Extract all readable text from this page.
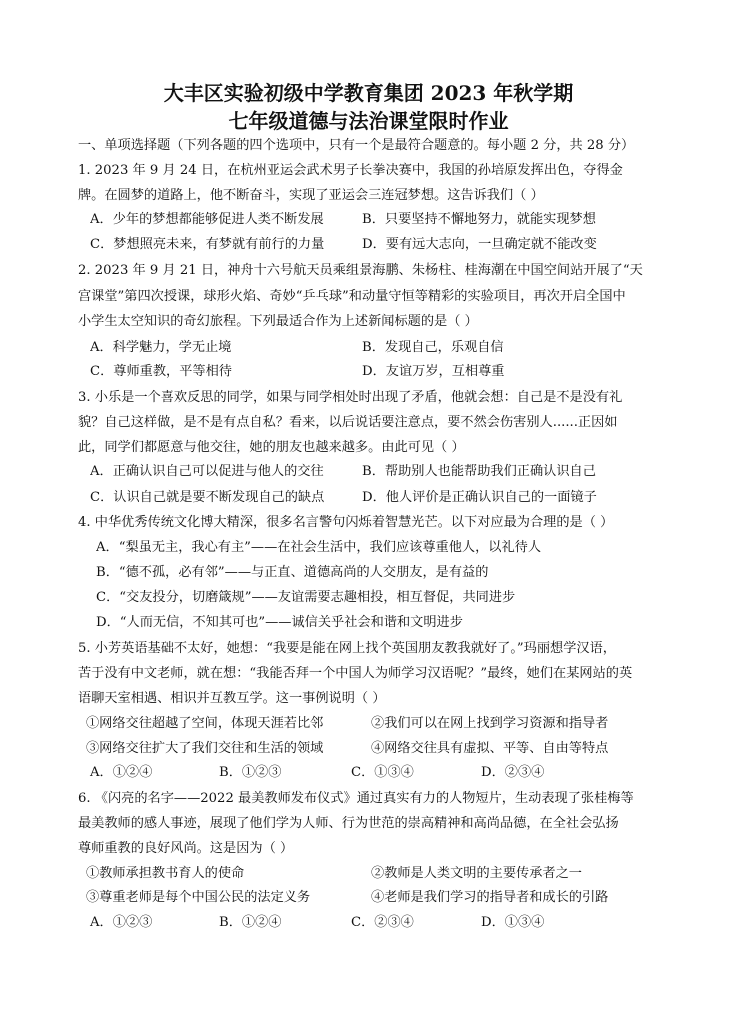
大丰区实验初级中学教育集团 2023 年秋学期
七年级道德与法治课堂限时作业
一、单项选择题（下列各题的四个选项中，只有一个是最符合题意的。每小题 2 分，共 28 分）
1. 2023 年 9 月 24 日，在杭州亚运会武术男子长拳决赛中，我国的孙培原发挥出色，夺得金
牌。在圆梦的道路上，他不断奋斗，实现了亚运会三连冠梦想。这告诉我们（ ）
A．少年的梦想都能够促进人类不断发展	B．只要坚持不懈地努力，就能实现梦想
C．梦想照亮未来，有梦就有前行的力量	D．要有远大志向，一旦确定就不能改变
2. 2023 年 9 月 21 日，神舟十六号航天员乘组景海鹏、朱杨柱、桂海潮在中国空间站开展了“天
宫课堂”第四次授课，球形火焰、奇妙“乒乓球”和动量守恒等精彩的实验项目，再次开启全国中
小学生太空知识的奇幻旅程。下列最适合作为上述新闻标题的是（ ）
A．科学魅力，学无止境	B．发现自己，乐观自信
C．尊师重教，平等相待	D．友谊万岁，互相尊重
3. 小乐是一个喜欢反思的同学，如果与同学相处时出现了矛盾，他就会想：自己是不是没有礼
貌？自己这样做，是不是有点自私？看来，以后说话要注意点，要不然会伤害别人......正因如
此，同学们都愿意与他交往，她的朋友也越来越多。由此可见（ ）
A．正确认识自己可以促进与他人的交往	B．帮助别人也能帮助我们正确认识自己
C．认识自己就是要不断发现自己的缺点	D．他人评价是正确认识自己的一面镜子
4. 中华优秀传统文化博大精深，很多名言警句闪烁着智慧光芒。以下对应最为合理的是（ ）
A．“梨虽无主，我心有主”——在社会生活中，我们应该尊重他人，以礼待人
B．“德不孤，必有邻”——与正直、道德高尚的人交朋友，是有益的
C．“交友投分，切磨箴规”——友谊需要志趣相投，相互督促，共同进步
D．“人而无信，不知其可也”——诚信关乎社会和谐和文明进步
5. 小芳英语基础不太好，她想：“我要是能在网上找个英国朋友教我就好了。”玛丽想学汉语，
苦于没有中文老师，就在想：“我能否拜一个中国人为师学习汉语呢？”最终，她们在某网站的英
语聊天室相遇、相识并互教互学。这一事例说明（ ）
①网络交往超越了空间，体现天涯若比邻	②我们可以在网上找到学习资源和指导者
③网络交往扩大了我们交往和生活的领域	④网络交往具有虚拟、平等、自由等特点
A．①②④	B．①②③	C．①③④	D．②③④
6. 《闪亮的名字——2022 最美教师发布仪式》通过真实有力的人物短片，生动表现了张桂梅等
最美教师的感人事迹，展现了他们学为人师、行为世范的崇高精神和高尚品德，在全社会弘扬
尊师重教的良好风尚。这是因为（ ）
①教师承担教书育人的使命	②教师是人类文明的主要传承者之一
③尊重老师是每个中国公民的法定义务	④老师是我们学习的指导者和成长的引路
A．①②③	B．①②④	C．②③④	D．①③④
